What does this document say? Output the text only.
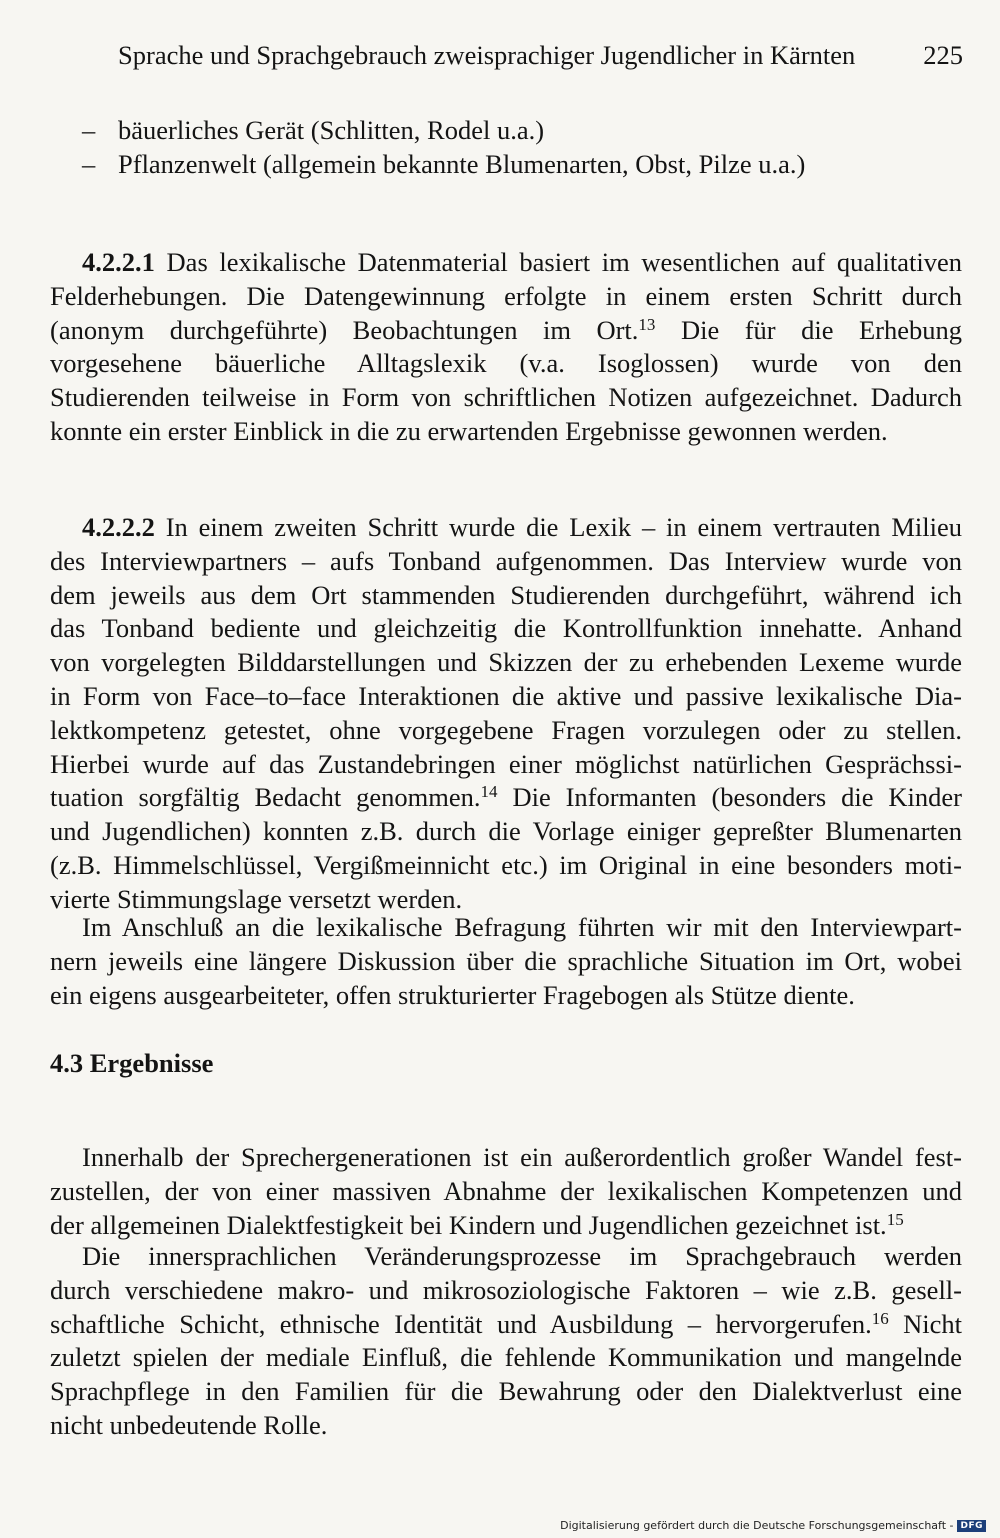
Sprache und Sprachgebrauch zweisprachiger Jugendlicher in Kärnten	225
– bäuerliches Gerät (Schlitten, Rodel u.a.)
– Pflanzenwelt (allgemein bekannte Blumenarten, Obst, Pilze u.a.)
4.2.2.1 Das lexikalische Datenmaterial basiert im wesentlichen auf qualitativen
Felderhebungen. Die Datengewinnung erfolgte in einem ersten Schritt durch
(anonym durchgeführte) Beobachtungen im Ort.$^{13}$ Die für die Erhebung
vorgesehene bäuerliche Alltagslexik (v.a. Isoglossen) wurde von den
Studierenden teilweise in Form von schriftlichen Notizen aufgezeichnet. Dadurch
konnte ein erster Einblick in die zu erwartenden Ergebnisse gewonnen werden.
4.2.2.2 In einem zweiten Schritt wurde die Lexik – in einem vertrauten Milieu
des Interviewpartners – aufs Tonband aufgenommen. Das Interview wurde von
dem jeweils aus dem Ort stammenden Studierenden durchgeführt, während ich
das Tonband bediente und gleichzeitig die Kontrollfunktion innehatte. Anhand
von vorgelegten Bilddarstellungen und Skizzen der zu erhebenden Lexeme wurde
in Form von Face–to–face Interaktionen die aktive und passive lexikalische Dia-
lektkompetenz getestet, ohne vorgegebene Fragen vorzulegen oder zu stellen.
Hierbei wurde auf das Zustandebringen einer möglichst natürlichen Gesprächssi-
tuation sorgfältig Bedacht genommen.$^{14}$ Die Informanten (besonders die Kinder
und Jugendlichen) konnten z.B. durch die Vorlage einiger gepreßter Blumenarten
(z.B. Himmelschlüssel, Vergißmeinnicht etc.) im Original in eine besonders moti-
vierte Stimmungslage versetzt werden.
Im Anschluß an die lexikalische Befragung führten wir mit den Interviewpart-
nern jeweils eine längere Diskussion über die sprachliche Situation im Ort, wobei
ein eigens ausgearbeiteter, offen strukturierter Fragebogen als Stütze diente.
4.3 Ergebnisse
Innerhalb der Sprechergenerationen ist ein außerordentlich großer Wandel fest-
zustellen, der von einer massiven Abnahme der lexikalischen Kompetenzen und
der allgemeinen Dialektfestigkeit bei Kindern und Jugendlichen gezeichnet ist.$^{15}$
Die innersprachlichen Veränderungsprozesse im Sprachgebrauch werden
durch verschiedene makro- und mikrosoziologische Faktoren – wie z.B. gesell-
schaftliche Schicht, ethnische Identität und Ausbildung – hervorgerufen.$^{16}$ Nicht
zuletzt spielen der mediale Einfluß, die fehlende Kommunikation und mangelnde
Sprachpflege in den Familien für die Bewahrung oder den Dialektverlust eine
nicht unbedeutende Rolle.
Digitalisierung gefördert durch die Deutsche Forschungsgemeinschaft - DFG
